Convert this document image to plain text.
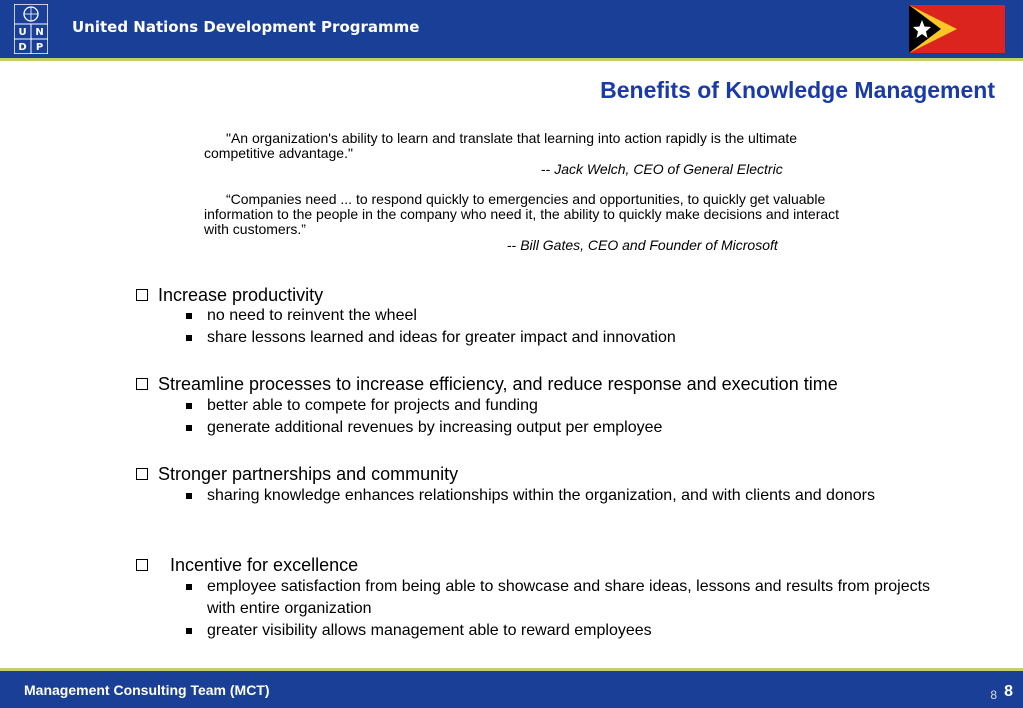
U N
D P
United Nations Development Programme
Benefits of Knowledge Management
"An organization's ability to learn and translate that learning into action rapidly is the ultimate competitive advantage."
-- Jack Welch, CEO of General Electric
“Companies need ... to respond quickly to emergencies and opportunities, to quickly get valuable information to the people in the company who need it, the ability to quickly make decisions and interact with customers.”
-- Bill Gates, CEO and Founder of Microsoft
Increase productivity
no need to reinvent the wheel
share lessons learned and ideas for greater impact and innovation
Streamline processes to increase efficiency, and reduce response and execution time
better able to compete for projects and funding
generate additional revenues by increasing output per employee
Stronger partnerships and community
sharing knowledge enhances relationships within the organization, and with clients and donors
Incentive for excellence
employee satisfaction from being able to showcase and share ideas, lessons and results from projects with entire organization
greater visibility allows management able to reward employees
Management Consulting Team (MCT)	8 8
